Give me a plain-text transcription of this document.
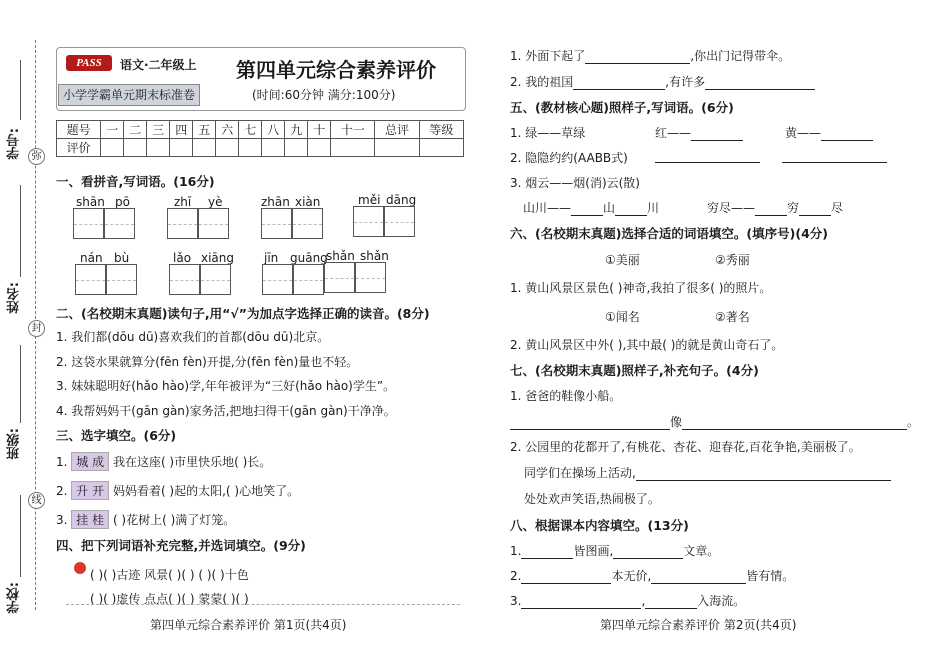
学号:
姓名:
班级:
学校:
弥
封
线
PASS	语文·二年级上
小学学霸单元期末标准卷
第四单元综合素养评价
(时间:60分钟 满分:100分)
题号	一	二	三	四	五	六	七	八	九	十	十一	总评	等级
评价													
一、看拼音,写词语。(16分)
shān pō	zhī yè	zhān xiàn	měi dāng
nán bù	lǎo xiāng jīn guāng
shǎn shǎn
二、(名校期末真题)读句子,用“√”为加点字选择正确的读音。(8分)
1. 我们都(dōu dū)喜欢我们的首都(dōu dū)北京。
2. 这袋水果就算分(fēn fèn)开提,分(fēn fèn)量也不轻。
3. 妹妹聪明好(hǎo hào)学,年年被评为“三好(hǎo hào)学生”。
4. 我帮妈妈干(gān gàn)家务活,把地扫得干(gān gàn)干净净。
三、选字填空。(6分)
1. 城 成 我在这座( )市里快乐地( )长。
2. 升 开 妈妈看着( )起的太阳,( )心地笑了。
3. 挂 桂 ( )花树上( )满了灯笼。
四、把下列词语补充完整,并选词填空。(9分)
( )( )古迹 风景( )( ) ( )( )十色
( )( )虚传 点点( )( ) 蒙蒙( )( )
第四单元综合素养评价 第1页(共4页)
1. 外面下起了	,你出门记得带伞。
2. 我的祖国	,有许多
五、(教材核心题)照样子,写词语。(6分)
1. 绿——草绿	红——	黄——
2. 隐隐约约(AABB式)
3. 烟云——烟(消)云(散)
山川——	山	川	穷尽——	穷	尽
六、(名校期末真题)选择合适的词语填空。(填序号)(4分)
①美丽	②秀丽
1. 黄山风景区景色( )神奇,我拍了很多( )的照片。
①闻名	②著名
2. 黄山风景区中外( ),其中最( )的就是黄山奇石了。
七、(名校期末真题)照样子,补充句子。(4分)
1. 爸爸的鞋像小船。
像	。
2. 公园里的花都开了,有桃花、杏花、迎春花,百花争艳,美丽极了。
同学们在操场上活动,
处处欢声笑语,热闹极了。
八、根据课本内容填空。(13分)
1.	皆图画,	文章。
2.	本无价,	皆有情。
3.	,	入海流。
第四单元综合素养评价 第2页(共4页)
